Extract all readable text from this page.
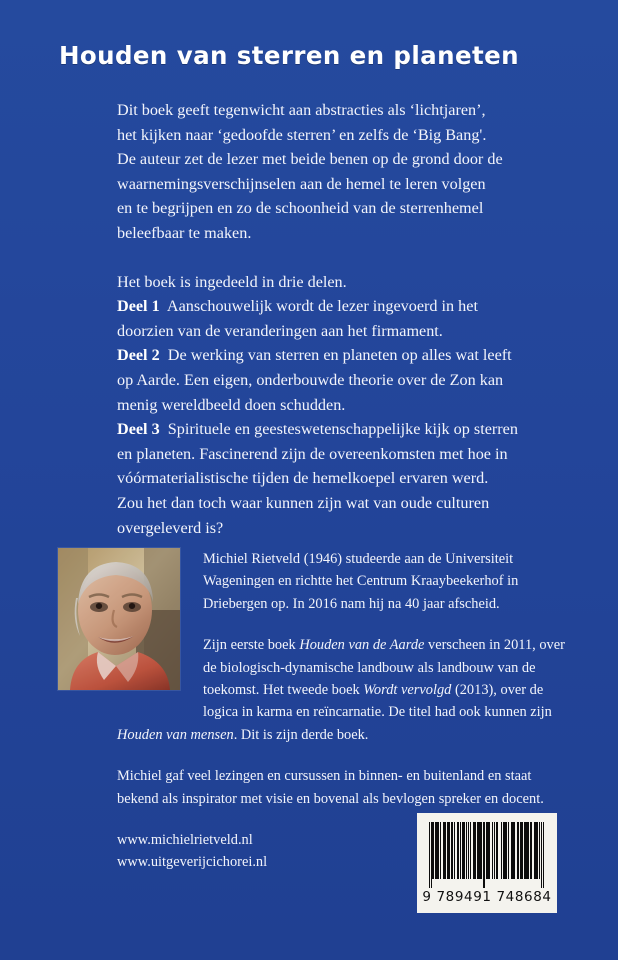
Houden van sterren en planeten

Dit boek geeft tegenwicht aan abstracties als ‘lichtjaren’,
het kijken naar ‘gedoofde sterren’ en zelfs de ‘Big Bang'.
De auteur zet de lezer met beide benen op de grond door de
waarnemingsverschijnselen aan de hemel te leren volgen
en te begrijpen en zo de schoonheid van de sterrenhemel
beleefbaar te maken.

Het boek is ingedeeld in drie delen.
Deel 1 Aanschouwelijk wordt de lezer ingevoerd in het
doorzien van de veranderingen aan het firmament.
Deel 2 De werking van sterren en planeten op alles wat leeft
op Aarde. Een eigen, onderbouwde theorie over de Zon kan
menig wereldbeeld doen schudden.
Deel 3 Spirituele en geesteswetenschappelijke kijk op sterren
en planeten. Fascinerend zijn de overeenkomsten met hoe in
vóórmaterialistische tijden de hemelkoepel ervaren werd.
Zou het dan toch waar kunnen zijn wat van oude culturen
overgeleverd is?

Michiel Rietveld (1946) studeerde aan de Universiteit Wageningen en richtte het Centrum Kraaybeekerhof in Driebergen op. In 2016 nam hij na 40 jaar afscheid.

Zijn eerste boek Houden van de Aarde verscheen in 2011, over de biologisch-dynamische landbouw als landbouw van de toekomst. Het tweede boek Wordt vervolgd (2013), over de logica in karma en reïncarnatie. De titel had ook kunnen zijn
Houden van mensen. Dit is zijn derde boek.

Michiel gaf veel lezingen en cursussen in binnen- en buitenland en staat bekend als inspirator met visie en bovenal als bevlogen spreker en docent.

www.michielrietveld.nl
www.uitgeverijcichorei.nl
9 789491 748684
